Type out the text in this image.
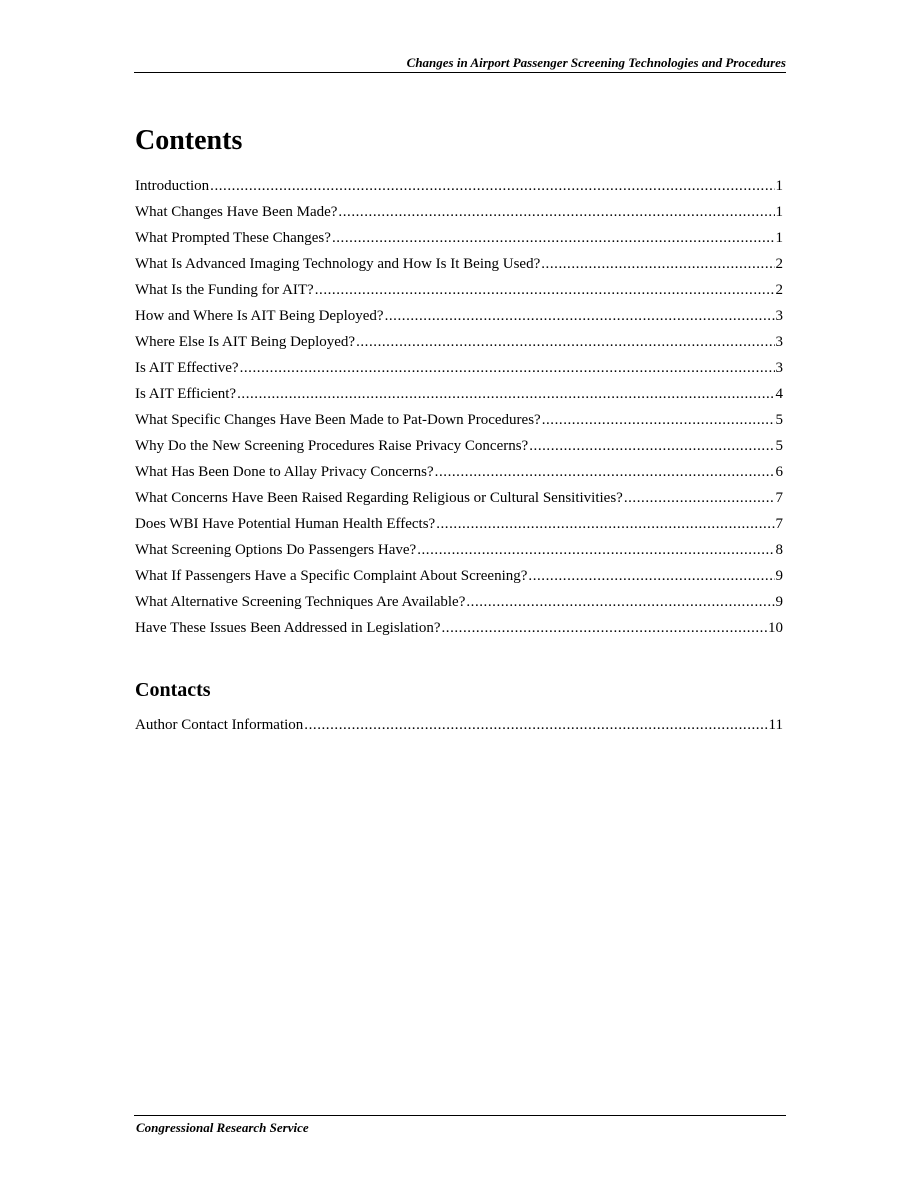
Changes in Airport Passenger Screening Technologies and Procedures
Contents
Introduction . . .	1
What Changes Have Been Made? . . .	1
What Prompted These Changes? . . .	1
What Is Advanced Imaging Technology and How Is It Being Used? . . .	2
What Is the Funding for AIT? . . .	2
How and Where Is AIT Being Deployed? . . .	3
Where Else Is AIT Being Deployed? . . .	3
Is AIT Effective? . . .	3
Is AIT Efficient? . . .	4
What Specific Changes Have Been Made to Pat-Down Procedures? . . .	5
Why Do the New Screening Procedures Raise Privacy Concerns? . . .	5
What Has Been Done to Allay Privacy Concerns? . . .	6
What Concerns Have Been Raised Regarding Religious or Cultural Sensitivities? . . .	7
Does WBI Have Potential Human Health Effects? . . .	7
What Screening Options Do Passengers Have? . . .	8
What If Passengers Have a Specific Complaint About Screening? . . .	9
What Alternative Screening Techniques Are Available? . . .	9
Have These Issues Been Addressed in Legislation? . . .	10
Contacts
Author Contact Information . . .	11
Congressional Research Service
